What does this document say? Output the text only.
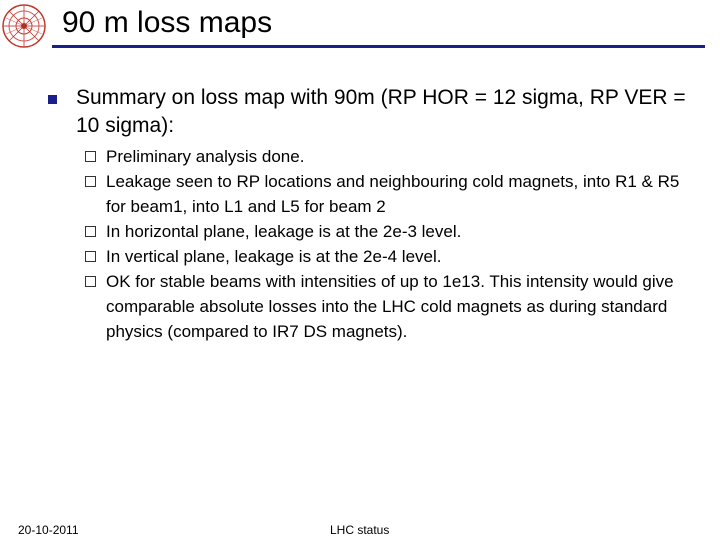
90 m loss maps
Summary on loss map with 90m (RP HOR = 12 sigma, RP VER = 10 sigma):
Preliminary analysis done.
Leakage seen to RP locations and neighbouring cold magnets, into R1 & R5 for beam1, into L1 and L5 for beam 2
In horizontal plane, leakage is at the 2e-3 level.
In vertical plane, leakage is at the 2e-4 level.
OK for stable beams with intensities of up to 1e13. This intensity would give comparable absolute losses into the LHC cold magnets as during standard physics (compared to IR7 DS magnets).
20-10-2011	LHC status
